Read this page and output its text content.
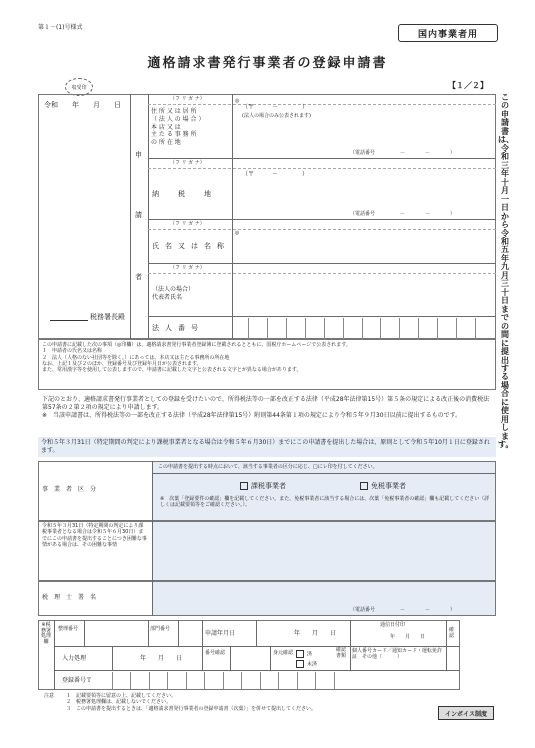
第１－(1)号様式
国内事業者用
適格請求書発行事業者の登録申請書
収受印	【１／２】
この申請書は、令和三年十月一日から令和五年九月三十日までの間に提出する場合に使用します。
令和　　年　　月　　日
税務署長殿
申
請
者
（フ リ ガ ナ）
住 所 又 は 居 所
（ 法 人 の 場 合 ）
本 店 又 は
主 た る 事 務 所
の 所 在 地
◎
（〒　　　－　　　　）
(法人の場合のみ公表されます)
（電話番号　　　　　－　　　　－　　　　）
（フ リ ガ ナ）
納　税　地
（〒　　　－　　　　）
（電話番号　　　　　－　　　　－　　　　）
（フ リ ガ ナ）
◎
氏名又は名称
（フ リ ガ ナ）
（法人の場合）
代表者氏名
法人番号
この申請書に記載した次の事項（◎印欄）は、適格請求書発行事業者登録簿に登載されるとともに、国税庁ホームページで公表されます。
１　申請者の氏名又は名称
２　法人（人格のない社団等を除く。）にあっては、本店又は主たる事務所の所在地
なお、上記１及び２のほか、登録番号及び登録年月日が公表されます。
また、常用漢字等を使用して公表しますので、申請書に記載した文字と公表される文字とが異なる場合があります。
下記のとおり、適格請求書発行事業者としての登録を受けたいので、所得税法等の一部を改正する法律（平成28年法律第15号）第５条の規定による改正後の消費税法第57条の２第２項の規定により申請します。
※　当該申請書は、所得税法等の一部を改正する法律（平成28年法律第15号）附則第44条第１項の規定により令和５年９月30日以前に提出するものです。
令和５年３月31日（特定期間の判定により課税事業者となる場合は令和５年６月30日）までにこの申請書を提出した場合は、原則として令和５年10月１日に登録されます。
事業者区分
この申請書を提出する時点において、該当する事業者の区分に応じ、□にレ印を付してください。
課税事業者	免税事業者
※　次葉「登録要件の確認」欄を記載してください。また、免税事業者に該当する場合には、次葉「免税事業者の確認」欄も記載してください（詳しくは記載要領等をご確認ください。）。
令和５年３月31日（特定期間の判定により課税事業者となる場合は令和５年６月30日）までにこの申請書を提出することにつき困難な事情がある場合は、その困難な事情
税理士署名
（電話番号　　　　　－　　　　－　　　　）
※税務署処理欄
整理番号	部門番号
申請年月日	年　　月　　日
通信日付印
年　　月　　日
確認
入力処理	年　　月　　日
番号確認	身元確認	済
未済
確認書類
個人番号カード／通知カード・運転免許証　その他（　　　）
登録番号Ｔ
注意 １　記載要領等に留意の上、記載してください。
２　税務署処理欄は、記載しないでください。
３　この申請書を提出するときは、「適格請求書発行事業者の登録申請書（次葉）」を併せて提出してください。
インボイス制度
